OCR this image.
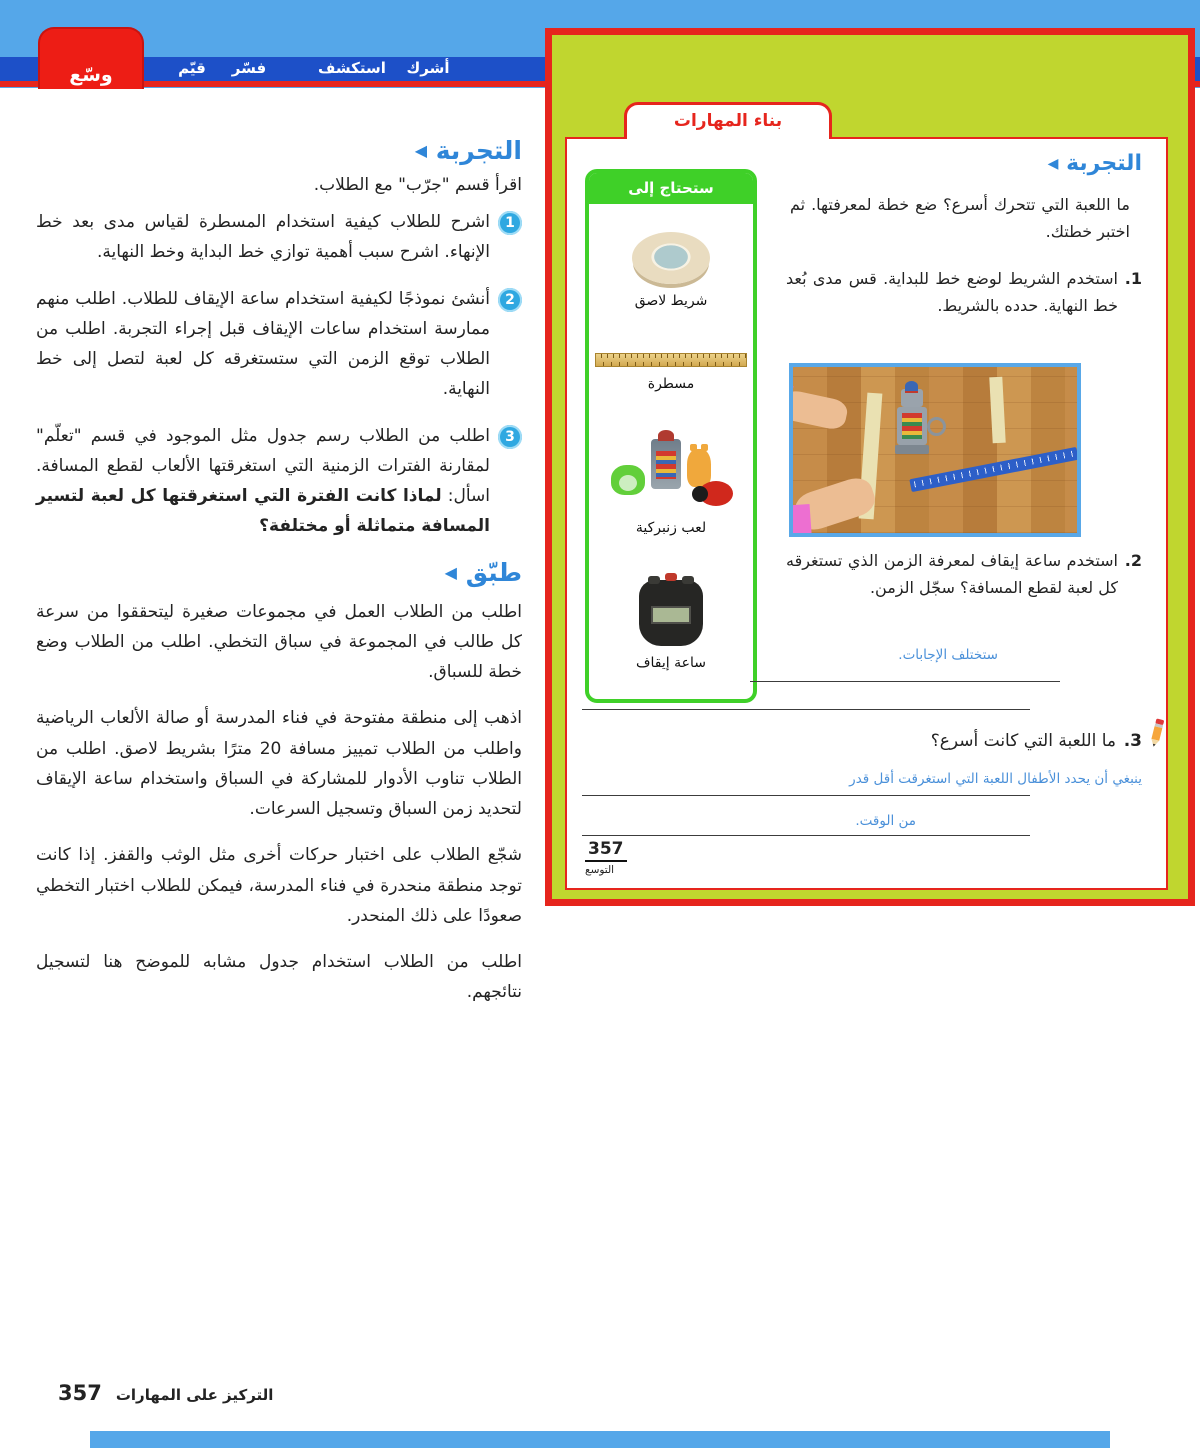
أشرك
استكشف
فسّر
قيّم
وسّع
التجربة ◀

اقرأ قسم "جرّب" مع الطلاب.

1

اشرح للطلاب كيفية استخدام المسطرة لقياس مدى بعد خط الإنهاء. اشرح سبب أهمية توازي خط البداية وخط النهاية.

2

أنشئ نموذجًا لكيفية استخدام ساعة الإيقاف للطلاب. اطلب منهم ممارسة استخدام ساعات الإيقاف قبل إجراء التجربة. اطلب من الطلاب توقع الزمن التي ستستغرقه كل لعبة لتصل إلى خط النهاية.

3

اطلب من الطلاب رسم جدول مثل الموجود في قسم "تعلّم" لمقارنة الفترات الزمنية التي استغرقتها الألعاب لقطع المسافة. اسأل: لماذا كانت الفترة التي استغرقتها كل لعبة لتسير المسافة متماثلة أو مختلفة؟

طبّق ◀

اطلب من الطلاب العمل في مجموعات صغيرة ليتحققوا من سرعة كل طالب في المجموعة في سباق التخطي. اطلب من الطلاب وضع خطة للسباق.

اذهب إلى منطقة مفتوحة في فناء المدرسة أو صالة الألعاب الرياضية واطلب من الطلاب تمييز مسافة 20 مترًا بشريط لاصق. اطلب من الطلاب تناوب الأدوار للمشاركة في السباق واستخدام ساعة الإيقاف لتحديد زمن السباق وتسجيل السرعات.

شجّع الطلاب على اختبار حركات أخرى مثل الوثب والقفز. إذا كانت توجد منطقة منحدرة في فناء المدرسة، فيمكن للطلاب اختبار التخطي صعودًا على ذلك المنحدر.

اطلب من الطلاب استخدام جدول مشابه للموضح هنا لتسجيل نتائجهم.

بناء المهارات
ستحتاج إلى
شريط لاصق
مسطرة
لعب زنبركية
ساعة إيقاف
التجربة ◀
ما اللعبة التي تتحرك أسرع؟ ضع خطة لمعرفتها. ثم اختبر خطتك.
1.
استخدم الشريط لوضع خط للبداية. قس مدى بُعد خط النهاية. حدده بالشريط.
2.
استخدم ساعة إيقاف لمعرفة الزمن الذي تستغرقه كل لعبة لقطع المسافة؟ سجّل الزمن.
ستختلف الإجابات.
3.
ما اللعبة التي كانت أسرع؟
ينبغي أن يحدد الأطفال اللعبة التي استغرقت أقل قدر
من الوقت.
357
التوسع
357 التركيز على المهارات
